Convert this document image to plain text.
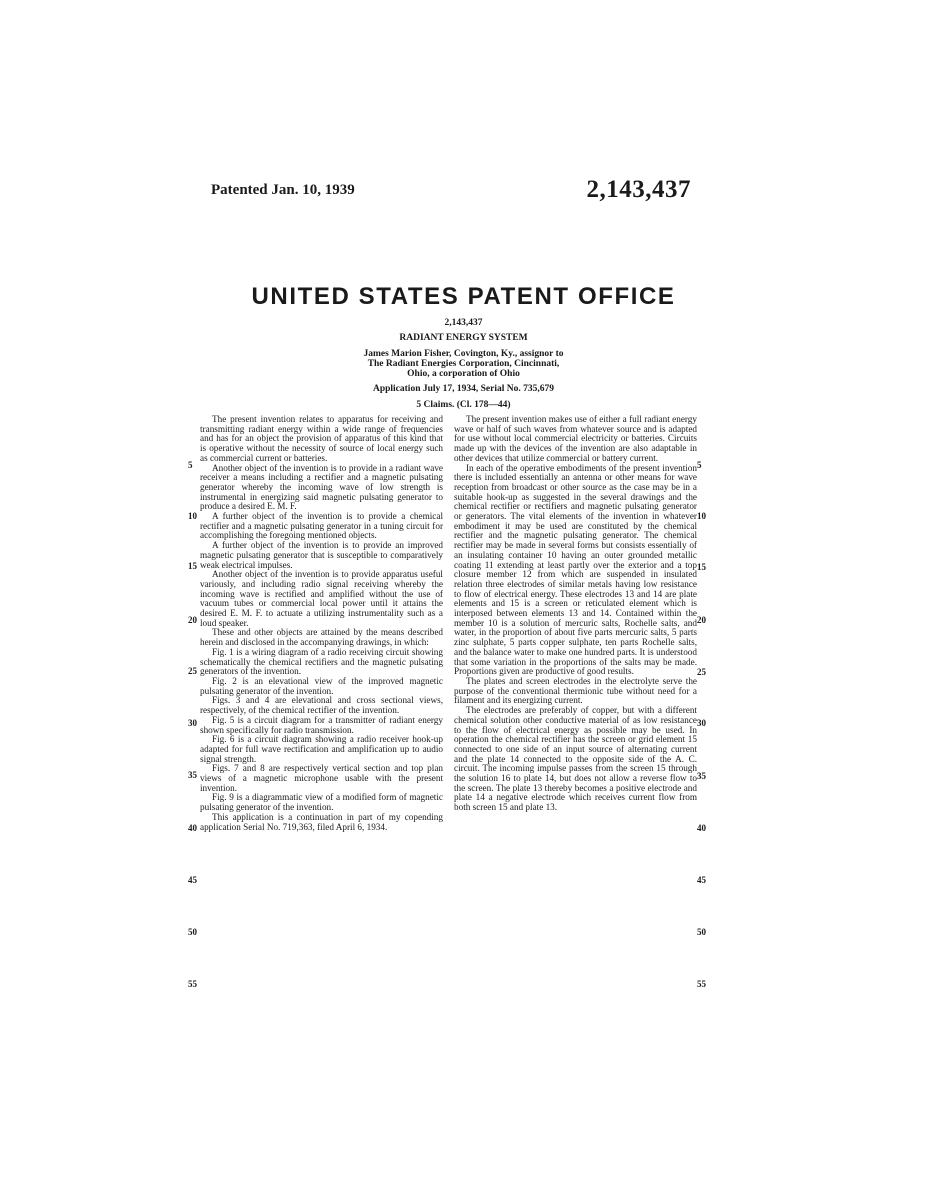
Patented Jan. 10, 1939	2,143,437
UNITED STATES PATENT OFFICE
2,143,437
RADIANT ENERGY SYSTEM
James Marion Fisher, Covington, Ky., assignor to
The Radiant Energies Corporation, Cincinnati,
Ohio, a corporation of Ohio
Application July 17, 1934, Serial No. 735,679
5 Claims. (Cl. 178—44)

The present invention relates to apparatus for receiving and transmitting radiant energy within a wide range of frequencies and has for an object the provision of apparatus of this kind that is operative without the necessity of source of local energy such as commercial current or batteries.

Another object of the invention is to provide in a radiant wave receiver a means including a rectifier and a magnetic pulsating generator whereby the incoming wave of low strength is instrumental in energizing said magnetic pulsating generator to produce a desired E. M. F.

A further object of the invention is to provide a chemical rectifier and a magnetic pulsating generator in a tuning circuit for accomplishing the foregoing mentioned objects.

A further object of the invention is to provide an improved magnetic pulsating generator that is susceptible to comparatively weak electrical impulses.

Another object of the invention is to provide apparatus useful variously, and including radio signal receiving whereby the incoming wave is rectified and amplified without the use of vacuum tubes or commercial local power until it attains the desired E. M. F. to actuate a utilizing instrumentality such as a loud speaker.

These and other objects are attained by the means described herein and disclosed in the accompanying drawings, in which:

Fig. 1 is a wiring diagram of a radio receiving circuit showing schematically the chemical rectifiers and the magnetic pulsating generators of the invention.

Fig. 2 is an elevational view of the improved magnetic pulsating generator of the invention.

Figs. 3 and 4 are elevational and cross sectional views, respectively, of the chemical rectifier of the invention.

Fig. 5 is a circuit diagram for a transmitter of radiant energy shown specifically for radio transmission.

Fig. 6 is a circuit diagram showing a radio receiver hook-up adapted for full wave rectification and amplification up to audio signal strength.

Figs. 7 and 8 are respectively vertical section and top plan views of a magnetic microphone usable with the present invention.

Fig. 9 is a diagrammatic view of a modified form of magnetic pulsating generator of the invention.

This application is a continuation in part of my copending application Serial No. 719,363, filed April 6, 1934.

The present invention makes use of either a full radiant energy wave or half of such waves from whatever source and is adapted for use without local commercial electricity or batteries. Circuits made up with the devices of the invention are also adaptable in other devices that utilize commercial or battery current.

In each of the operative embodiments of the present invention there is included essentially an antenna or other means for wave reception from broadcast or other source as the case may be in a suitable hook-up as suggested in the several drawings and the chemical rectifier or rectifiers and magnetic pulsating generator or generators. The vital elements of the invention in whatever embodiment it may be used are constituted by the chemical rectifier and the magnetic pulsating generator. The chemical rectifier may be made in several forms but consists essentially of an insulating container 10 having an outer grounded metallic coating 11 extending at least partly over the exterior and a top closure member 12 from which are suspended in insulated relation three electrodes of similar metals having low resistance to flow of electrical energy. These electrodes 13 and 14 are plate elements and 15 is a screen or reticulated element which is interposed between elements 13 and 14. Contained within the member 10 is a solution of mercuric salts, Rochelle salts, and water, in the proportion of about five parts mercuric salts, 5 parts zinc sulphate, 5 parts copper sulphate, ten parts Rochelle salts, and the balance water to make one hundred parts. It is understood that some variation in the proportions of the salts may be made. Proportions given are productive of good results.

The plates and screen electrodes in the electrolyte serve the purpose of the conventional thermionic tube without need for a filament and its energizing current.

The electrodes are preferably of copper, but with a different chemical solution other conductive material of as low resistance to the flow of electrical energy as possible may be used. In operation the chemical rectifier has the screen or grid element 15 connected to one side of an input source of alternating current and the plate 14 connected to the opposite side of the A. C. circuit. The incoming impulse passes from the screen 15 through the solution 16 to plate 14, but does not allow a reverse flow to the screen. The plate 13 thereby becomes a positive electrode and plate 14 a negative electrode which receives current flow from both screen 15 and plate 13.

5
10
15
20
25
30
35
40
45
50
55
5
10
15
20
25
30
35
40
45
50
55
